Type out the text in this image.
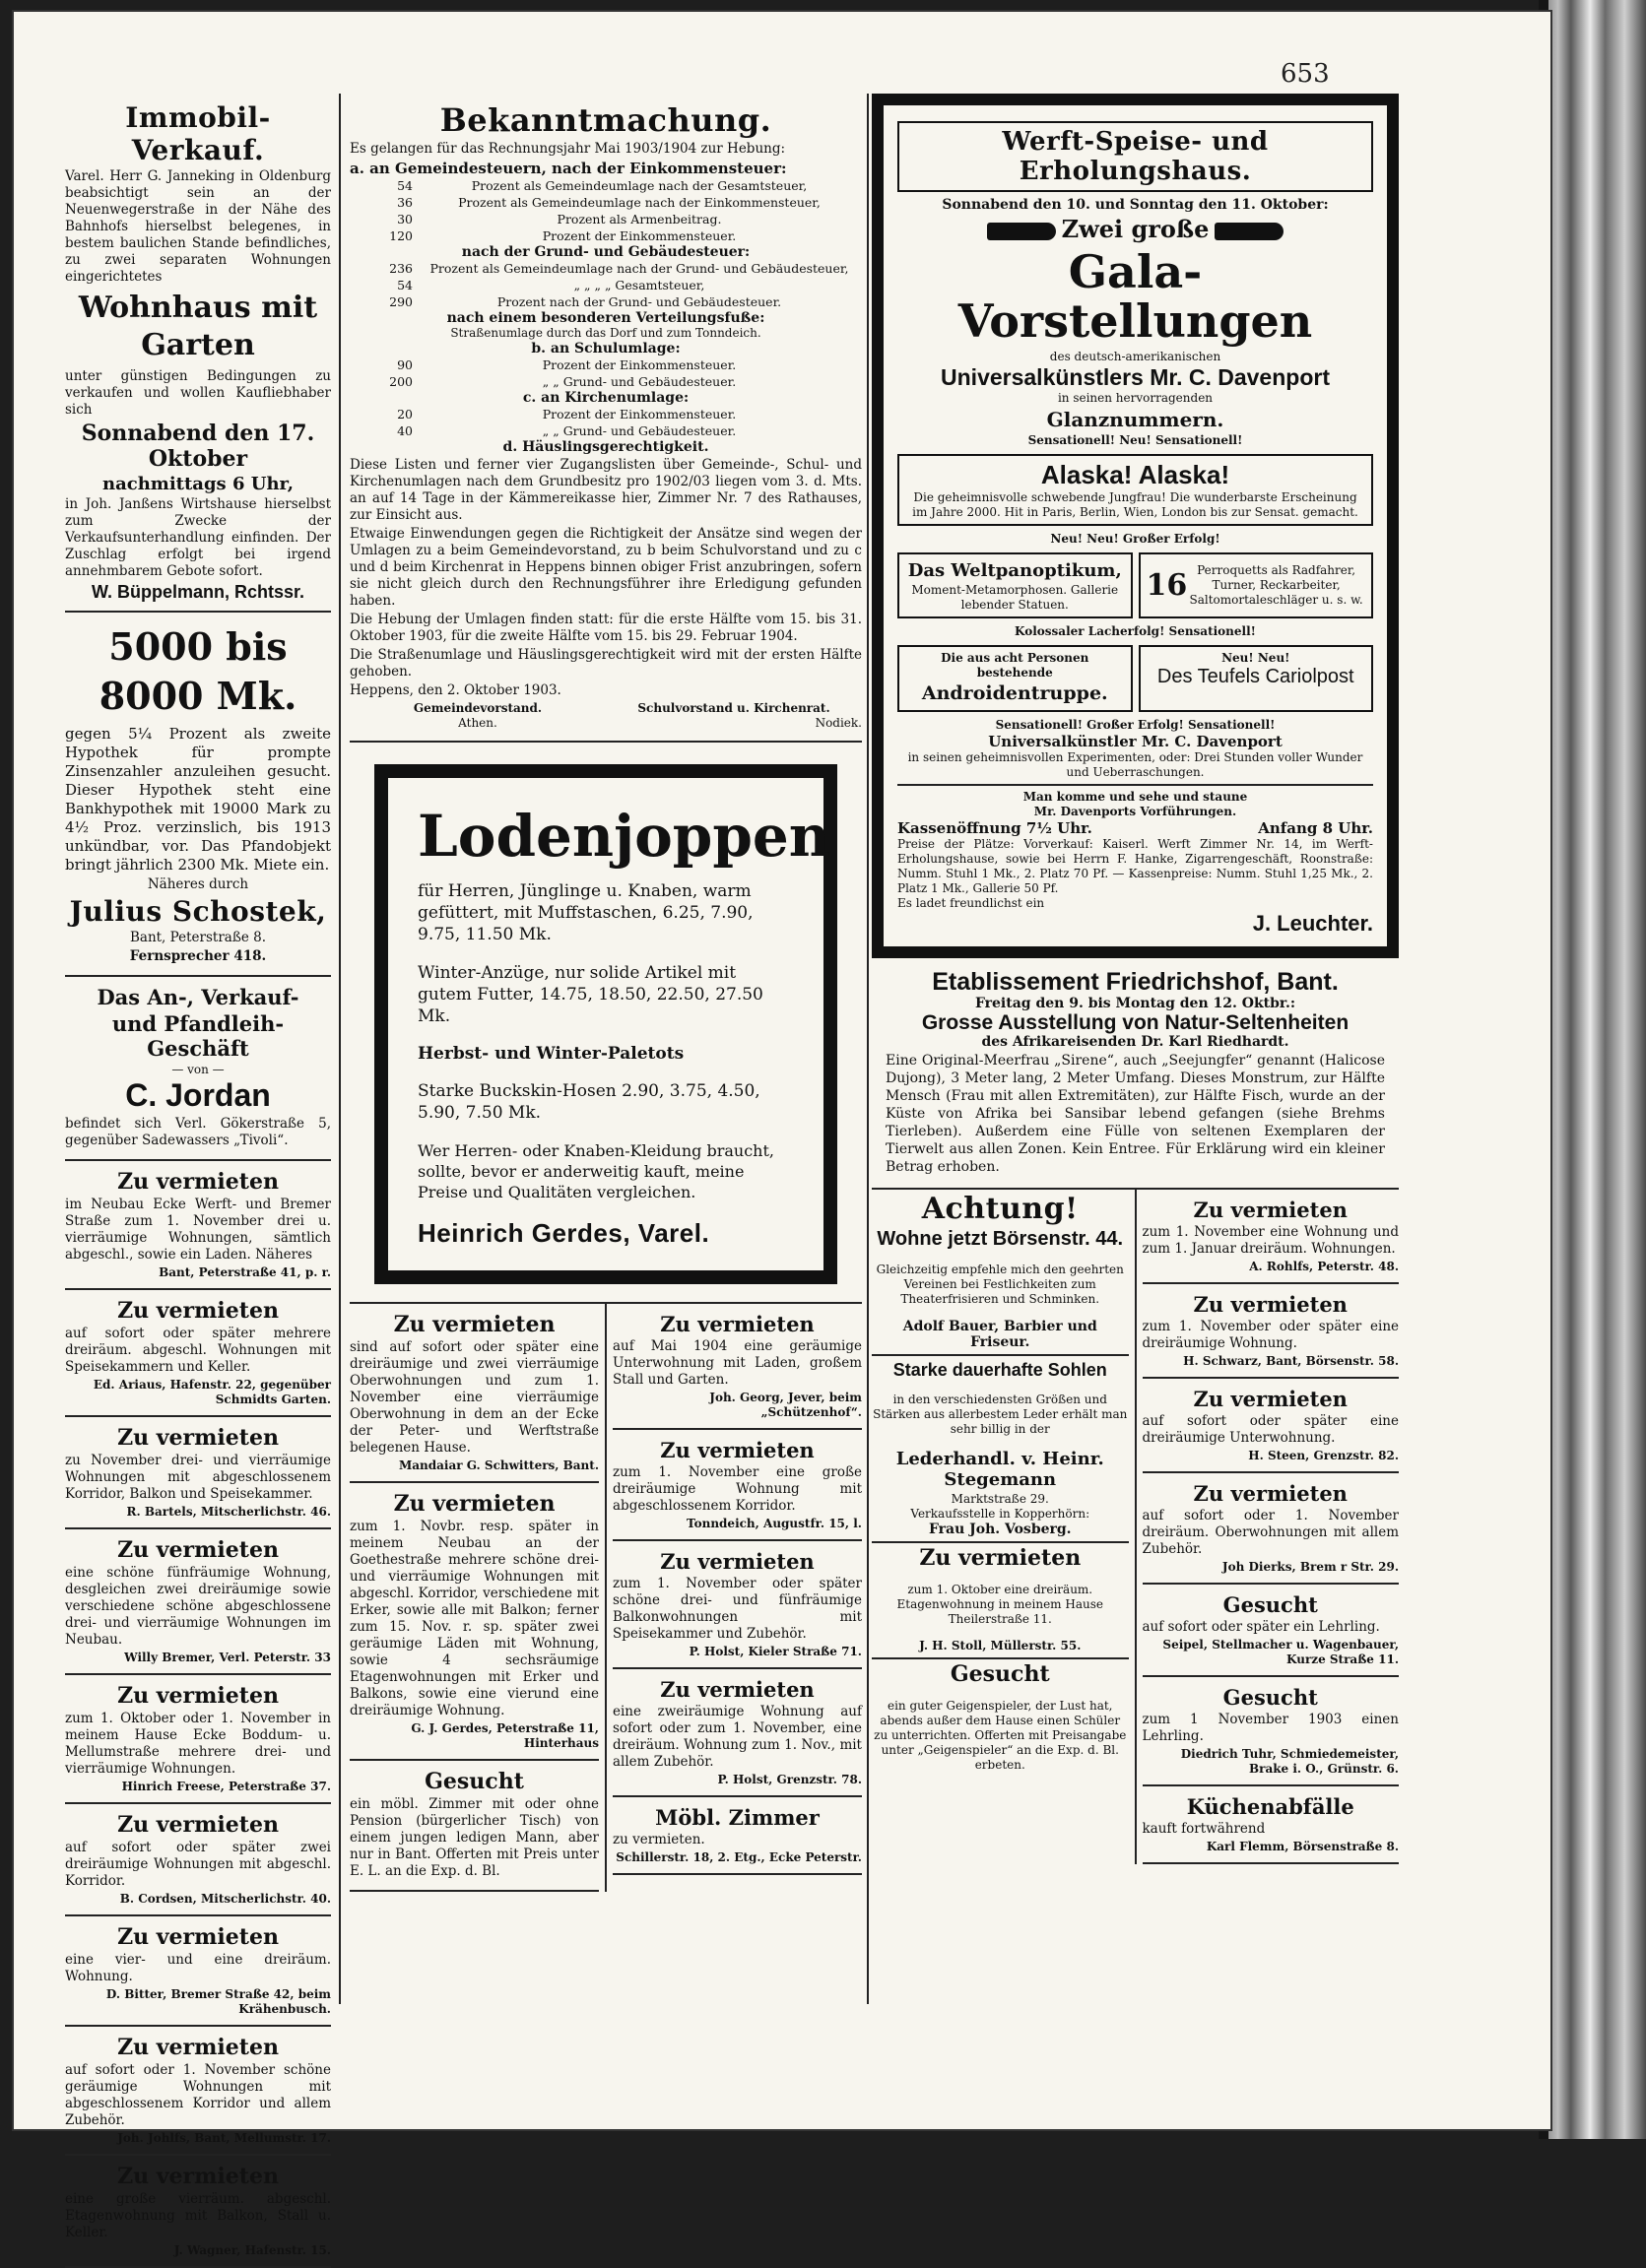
653
Immobil-Verkauf.

Varel. Herr G. Janneking in Oldenburg beabsichtigt sein an der Neuenwegerstraße in der Nähe des Bahnhofs hierselbst belegenes, in bestem baulichen Stande befindliches, zu zwei separaten Wohnungen eingerichtetes

Wohnhaus mit Garten

unter günstigen Bedingungen zu verkaufen und wollen Kaufliebhaber sich

Sonnabend den 17. Oktober
nachmittags 6 Uhr,

in Joh. Janßens Wirtshause hierselbst zum Zwecke der Verkaufsunterhandlung einfinden. Der Zuschlag erfolgt bei irgend annehmbarem Gebote sofort.

W. Büppelmann, Rchtssr.
5000 bis 8000 Mk.

gegen 5¼ Prozent als zweite Hypothek für prompte Zinsenzahler anzuleihen gesucht. Dieser Hypothek steht eine Bankhypothek mit 19000 Mark zu 4½ Proz. verzinslich, bis 1913 unkündbar, vor. Das Pfandobjekt bringt jährlich 2300 Mk. Miete ein.

Näheres durch

Julius Schostek,

Bant, Peterstraße 8.

Fernsprecher 418.

Das An-, Verkauf-
und Pfandleih-Geschäft
— von —
C. Jordan

befindet sich Verl. Gökerstraße 5, gegenüber Sadewassers „Tivoli“.

Zu vermieten

im Neubau Ecke Werft- und Bremer Straße zum 1. November drei u. vierräumige Wohnungen, sämtlich abgeschl., sowie ein Laden. Näheres

Bant, Peterstraße 41, p. r.
Zu vermieten

auf sofort oder später mehrere dreiräum. abgeschl. Wohnungen mit Speisekammern und Keller.

Ed. Ariaus, Hafenstr. 22, gegenüber Schmidts Garten.
Zu vermieten

zu November drei- und vierräumige Wohnungen mit abgeschlossenem Korridor, Balkon und Speisekammer.

R. Bartels, Mitscherlichstr. 46.
Zu vermieten

eine schöne fünfräumige Wohnung, desgleichen zwei dreiräumige sowie verschiedene schöne abgeschlossene drei- und vierräumige Wohnungen im Neubau.

Willy Bremer, Verl. Peterstr. 33
Zu vermieten

zum 1. Oktober oder 1. November in meinem Hause Ecke Boddum- u. Mellumstraße mehrere drei- und vierräumige Wohnungen.

Hinrich Freese, Peterstraße 37.
Zu vermieten

auf sofort oder später zwei dreiräumige Wohnungen mit abgeschl. Korridor.

B. Cordsen, Mitscherlichstr. 40.
Zu vermieten

eine vier- und eine dreiräum. Wohnung.

D. Bitter, Bremer Straße 42, beim Krähenbusch.
Zu vermieten

auf sofort oder 1. November schöne geräumige Wohnungen mit abgeschlossenem Korridor und allem Zubehör.

Joh. Johlfs, Bant, Mellumstr. 17.
Zu vermieten

eine große vierräum. abgeschl. Etagenwohnung mit Balkon, Stall u. Keller.

J. Wagner, Hafenstr. 15.
Bekanntmachung.

Es gelangen für das Rechnungsjahr Mai 1903/1904 zur Hebung:

a. an Gemeindesteuern, nach der Einkommensteuer:
54	Prozent als Gemeindeumlage nach der Gesamtsteuer,
36	Prozent als Gemeindeumlage nach der Einkommensteuer,
30	Prozent als Armenbeitrag.
120	Prozent der Einkommensteuer.
nach der Grund- und Gebäudesteuer:
236	Prozent als Gemeindeumlage nach der Grund- und Gebäudesteuer,
54	„ „ „ „ Gesamtsteuer,
290	Prozent nach der Grund- und Gebäudesteuer.
nach einem besonderen Verteilungsfuße:
Straßenumlage durch das Dorf und zum Tonndeich.
b. an Schulumlage:
90	Prozent der Einkommensteuer.
200	„ „ Grund- und Gebäudesteuer.
c. an Kirchenumlage:
20	Prozent der Einkommensteuer.
40	„ „ Grund- und Gebäudesteuer.
d. Häuslingsgerechtigkeit.

Diese Listen und ferner vier Zugangslisten über Gemeinde-, Schul- und Kirchenumlagen nach dem Grundbesitz pro 1902/03 liegen vom 3. d. Mts. an auf 14 Tage in der Kämmereikasse hier, Zimmer Nr. 7 des Rathauses, zur Einsicht aus.

Etwaige Einwendungen gegen die Richtigkeit der Ansätze sind wegen der Umlagen zu a beim Gemeindevorstand, zu b beim Schulvorstand und zu c und d beim Kirchenrat in Heppens binnen obiger Frist anzubringen, sofern sie nicht gleich durch den Rechnungsführer ihre Erledigung gefunden haben.

Die Hebung der Umlagen finden statt: für die erste Hälfte vom 15. bis 31. Oktober 1903, für die zweite Hälfte vom 15. bis 29. Februar 1904.

Die Straßenumlage und Häuslingsgerechtigkeit wird mit der ersten Hälfte gehoben.

Heppens, den 2. Oktober 1903.

Gemeindevorstand.
Athen.
Schulvorstand u. Kirchenrat.
Nodiek.
Lodenjoppen

für Herren, Jünglinge u. Knaben, warm gefüttert, mit Muffstaschen, 6.25, 7.90, 9.75, 11.50 Mk.

Winter-Anzüge, nur solide Artikel mit gutem Futter, 14.75, 18.50, 22.50, 27.50 Mk.

Herbst- und Winter-Paletots

Starke Buckskin-Hosen 2.90, 3.75, 4.50, 5.90, 7.50 Mk.

Wer Herren- oder Knaben-Kleidung braucht, sollte, bevor er anderweitig kauft, meine Preise und Qualitäten vergleichen.

Heinrich Gerdes, Varel.
Zu vermieten

sind auf sofort oder später eine dreiräumige und zwei vierräumige Oberwohnungen und zum 1. November eine vierräumige Oberwohnung in dem an der Ecke der Peter- und Werftstraße belegenen Hause.

Mandaiar G. Schwitters, Bant.
Zu vermieten

zum 1. Novbr. resp. später in meinem Neubau an der Goethestraße mehrere schöne drei- und vierräumige Wohnungen mit abgeschl. Korridor, verschiedene mit Erker, sowie alle mit Balkon; ferner zum 15. Nov. r. sp. später zwei geräumige Läden mit Wohnung, sowie 4 sechsräumige Etagenwohnungen mit Erker und Balkons, sowie eine vierund eine dreiräumige Wohnung.

G. J. Gerdes, Peterstraße 11, Hinterhaus
Gesucht

ein möbl. Zimmer mit oder ohne Pension (bürgerlicher Tisch) von einem jungen ledigen Mann, aber nur in Bant. Offerten mit Preis unter E. L. an die Exp. d. Bl.

Zu vermieten

auf Mai 1904 eine geräumige Unterwohnung mit Laden, großem Stall und Garten.

Joh. Georg, Jever, beim „Schützenhof“.
Zu vermieten

zum 1. November eine große dreiräumige Wohnung mit abgeschlossenem Korridor.

Tonndeich, Augustfr. 15, l.
Zu vermieten

zum 1. November oder später schöne drei- und fünfräumige Balkonwohnungen mit Speisekammer und Zubehör.

P. Holst, Kieler Straße 71.
Zu vermieten

eine zweiräumige Wohnung auf sofort oder zum 1. November, eine dreiräum. Wohnung zum 1. Nov., mit allem Zubehör.

P. Holst, Grenzstr. 78.
Möbl. Zimmer

zu vermieten.

Schillerstr. 18, 2. Etg., Ecke Peterstr.
Werft-Speise- und Erholungshaus.
Sonnabend den 10. und Sonntag den 11. Oktober:
Zwei große
Gala-Vorstellungen
des deutsch-amerikanischen
Universalkünstlers Mr. C. Davenport
in seinen hervorragenden
Glanznummern.
Sensationell! Neu! Sensationell!
Alaska! Alaska!
Die geheimnisvolle schwebende Jungfrau! Die wunderbarste Erscheinung im Jahre 2000. Hit in Paris, Berlin, Wien, London bis zur Sensat. gemacht.
Neu! Neu! Großer Erfolg!
Das Weltpanoptikum,
Moment-Metamorphosen. Gallerie lebender Statuen.
16 Perroquetts als Radfahrer, Turner, Reckarbeiter, Saltomortaleschläger u. s. w.
Kolossaler Lacherfolg! Sensationell!
Die aus acht Personen bestehende
Androidentruppe.
Neu! Neu!
Des Teufels Cariolpost
Sensationell! Großer Erfolg! Sensationell!
Universalkünstler Mr. C. Davenport
in seinen geheimnisvollen Experimenten, oder: Drei Stunden voller Wunder und Ueberraschungen.
Man komme und sehe und staune
Mr. Davenports Vorführungen.
Kassenöffnung 7½ Uhr.	Anfang 8 Uhr.
Preise der Plätze: Vorverkauf: Kaiserl. Werft Zimmer Nr. 14, im Werft-Erholungshause, sowie bei Herrn F. Hanke, Zigarrengeschäft, Roonstraße: Numm. Stuhl 1 Mk., 2. Platz 70 Pf. — Kassenpreise: Numm. Stuhl 1,25 Mk., 2. Platz 1 Mk., Gallerie 50 Pf.
Es ladet freundlichst ein
J. Leuchter.
Etablissement Friedrichshof, Bant.
Freitag den 9. bis Montag den 12. Oktbr.:
Grosse Ausstellung von Natur-Seltenheiten
des Afrikareisenden Dr. Karl Riedhardt.

Eine Original-Meerfrau „Sirene“, auch „Seejungfer“ genannt (Halicose Dujong), 3 Meter lang, 2 Meter Umfang. Dieses Monstrum, zur Hälfte Mensch (Frau mit allen Extremitäten), zur Hälfte Fisch, wurde an der Küste von Afrika bei Sansibar lebend gefangen (siehe Brehms Tierleben). Außerdem eine Fülle von seltenen Exemplaren der Tierwelt aus allen Zonen. Kein Entree. Für Erklärung wird ein kleiner Betrag erhoben.

Achtung!
Wohne jetzt Börsenstr. 44.

Gleichzeitig empfehle mich den geehrten Vereinen bei Festlichkeiten zum Theaterfrisieren und Schminken.

Adolf Bauer, Barbier und Friseur.
Starke dauerhafte Sohlen

in den verschiedensten Größen und Stärken aus allerbestem Leder erhält man sehr billig in der

Lederhandl. v. Heinr. Stegemann
Marktstraße 29.
Verkaufsstelle in Kopperhörn:
Frau Joh. Vosberg.
Zu vermieten

zum 1. Oktober eine dreiräum. Etagenwohnung in meinem Hause Theilerstraße 11.

J. H. Stoll, Müllerstr. 55.
Gesucht

ein guter Geigenspieler, der Lust hat, abends außer dem Hause einen Schüler zu unterrichten. Offerten mit Preisangabe unter „Geigenspieler“ an die Exp. d. Bl. erbeten.

Zu vermieten

zum 1. November eine Wohnung und zum 1. Januar dreiräum. Wohnungen.

A. Rohlfs, Peterstr. 48.
Zu vermieten

zum 1. November oder später eine dreiräumige Wohnung.

H. Schwarz, Bant, Börsenstr. 58.
Zu vermieten

auf sofort oder später eine dreiräumige Unterwohnung.

H. Steen, Grenzstr. 82.
Zu vermieten

auf sofort oder 1. November dreiräum. Oberwohnungen mit allem Zubehör.

Joh Dierks, Brem r Str. 29.
Gesucht

auf sofort oder später ein Lehrling.

Seipel, Stellmacher u. Wagenbauer, Kurze Straße 11.
Gesucht

zum 1 November 1903 einen Lehrling.

Diedrich Tuhr, Schmiedemeister, Brake i. O., Grünstr. 6.
Küchenabfälle

kauft fortwährend

Karl Flemm, Börsenstraße 8.
